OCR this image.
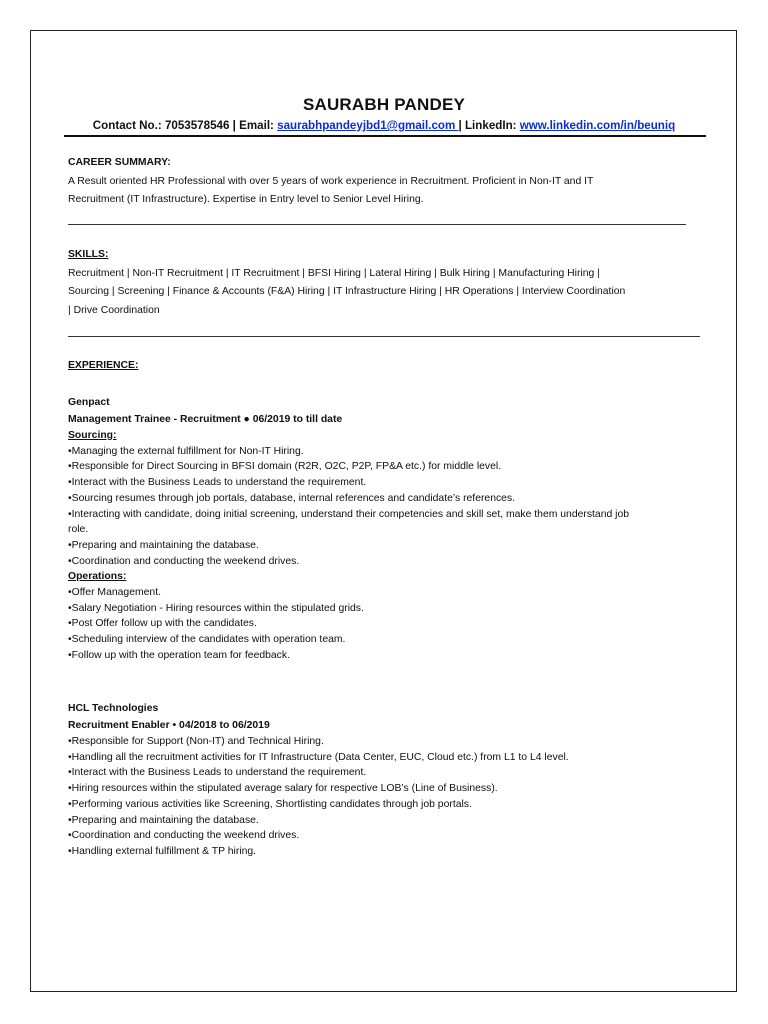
SAURABH PANDEY
Contact No.: 7053578546 | Email: saurabhpandeyjbd1@gmail.com | LinkedIn: www.linkedin.com/in/beuniq
CAREER SUMMARY:
A Result oriented HR Professional with over 5 years of work experience in Recruitment. Proficient in Non-IT and IT
Recruitment (IT Infrastructure). Expertise in Entry level to Senior Level Hiring.
SKILLS:
Recruitment | Non-IT Recruitment | IT Recruitment | BFSI Hiring | Lateral Hiring | Bulk Hiring | Manufacturing Hiring |
Sourcing | Screening | Finance & Accounts (F&A) Hiring | IT Infrastructure Hiring | HR Operations | Interview Coordination
| Drive Coordination
EXPERIENCE:
Genpact
Management Trainee - Recruitment ● 06/2019 to till date
Sourcing:
•Managing the external fulfillment for Non-IT Hiring.
•Responsible for Direct Sourcing in BFSI domain (R2R, O2C, P2P, FP&A etc.) for middle level.
•Interact with the Business Leads to understand the requirement.
•Sourcing resumes through job portals, database, internal references and candidate’s references.
•Interacting with candidate, doing initial screening, understand their competencies and skill set, make them understand job
role.
•Preparing and maintaining the database.
•Coordination and conducting the weekend drives.
Operations:
•Offer Management.
•Salary Negotiation - Hiring resources within the stipulated grids.
•Post Offer follow up with the candidates.
•Scheduling interview of the candidates with operation team.
•Follow up with the operation team for feedback.
HCL Technologies
Recruitment Enabler • 04/2018 to 06/2019
•Responsible for Support (Non-IT) and Technical Hiring.
•Handling all the recruitment activities for IT Infrastructure (Data Center, EUC, Cloud etc.) from L1 to L4 level.
•Interact with the Business Leads to understand the requirement.
•Hiring resources within the stipulated average salary for respective LOB’s (Line of Business).
•Performing various activities like Screening, Shortlisting candidates through job portals.
•Preparing and maintaining the database.
•Coordination and conducting the weekend drives.
•Handling external fulfillment & TP hiring.
